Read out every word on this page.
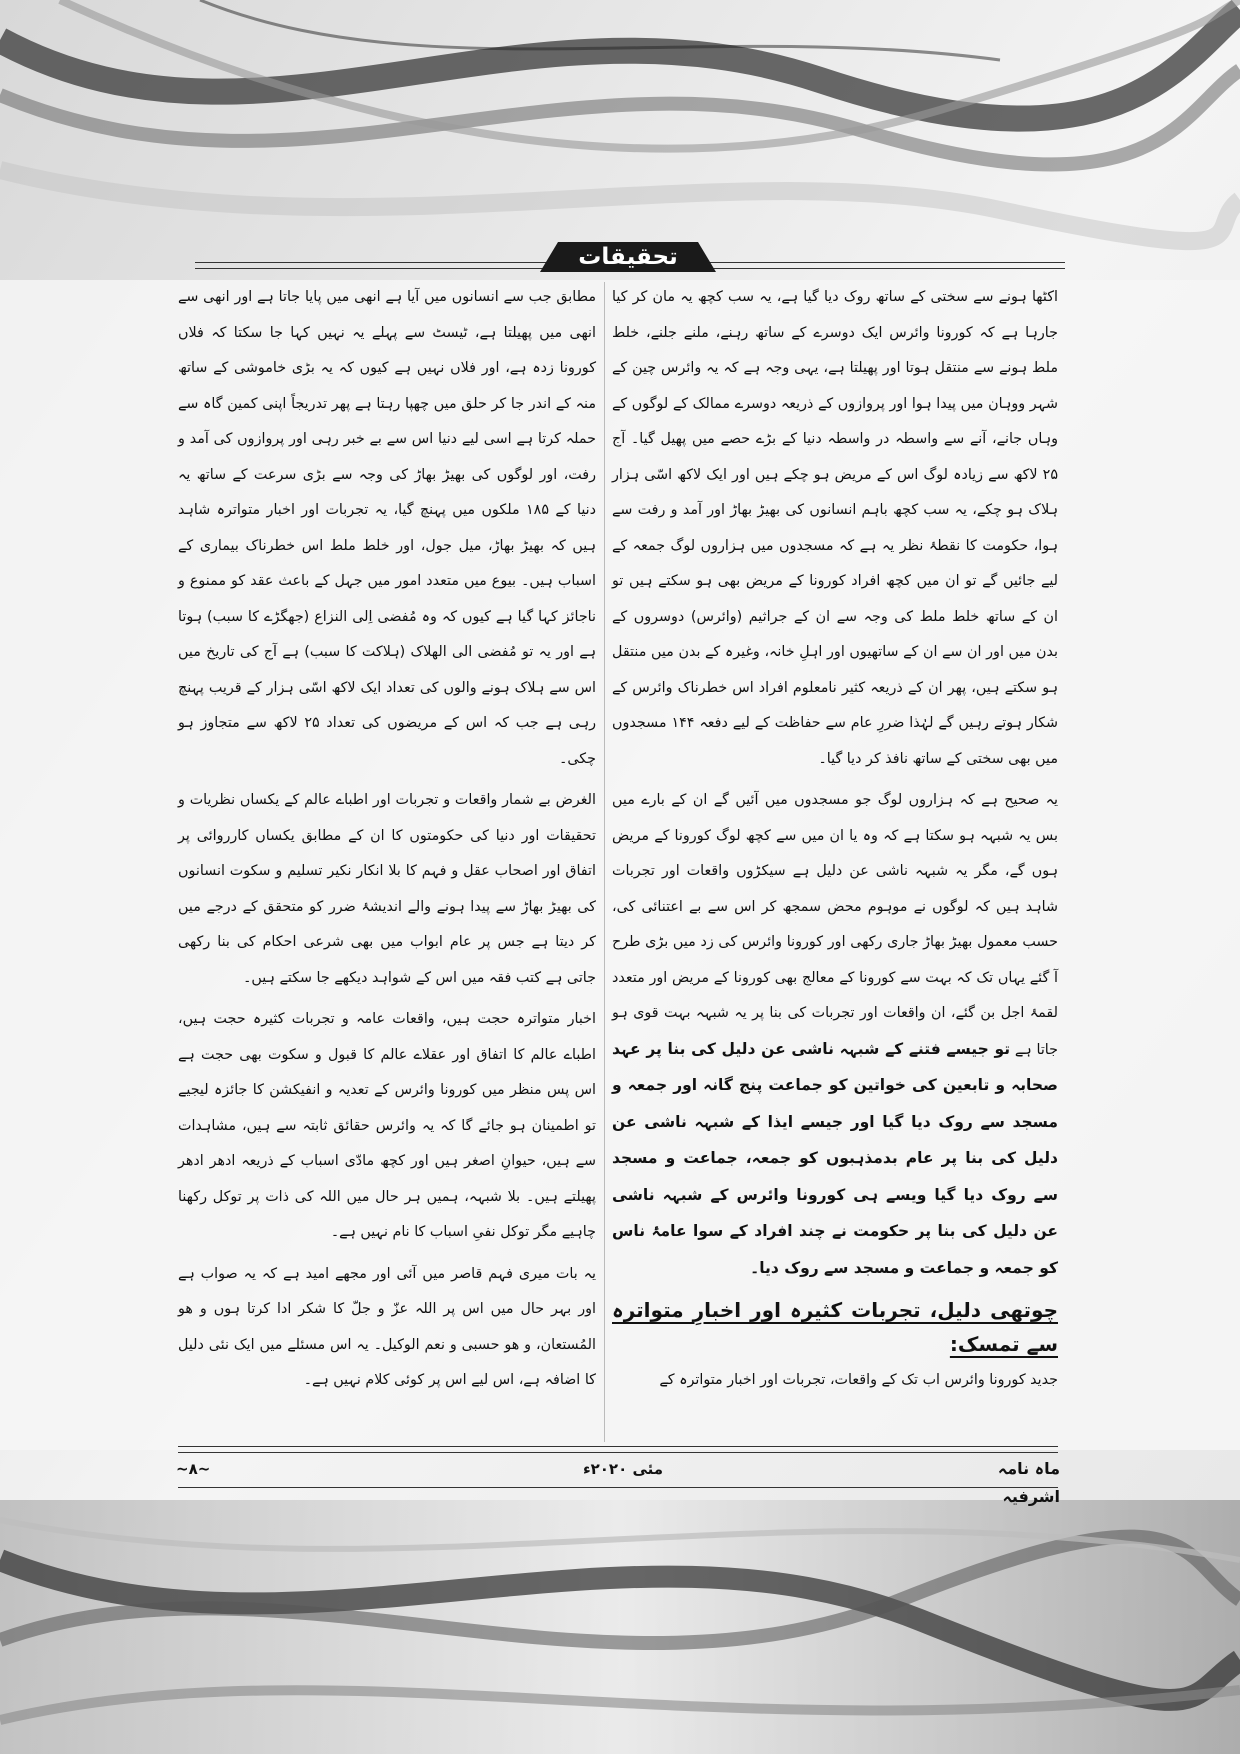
تحقیقات

اکٹھا ہونے سے سختی کے ساتھ روک دیا گیا ہے، یہ سب کچھ یہ مان کر کیا جارہا ہے کہ کورونا وائرس ایک دوسرے کے ساتھ رہنے، ملنے جلنے، خلط ملط ہونے سے منتقل ہوتا اور پھیلتا ہے، یہی وجہ ہے کہ یہ وائرس چین کے شہر ووہان میں پیدا ہوا اور پروازوں کے ذریعہ دوسرے ممالک کے لوگوں کے وہاں جانے، آنے سے واسطہ در واسطہ دنیا کے بڑے حصے میں پھیل گیا۔ آج ۲۵ لاکھ سے زیادہ لوگ اس کے مریض ہو چکے ہیں اور ایک لاکھ اسّی ہزار ہلاک ہو چکے، یہ سب کچھ باہم انسانوں کی بھیڑ بھاڑ اور آمد و رفت سے ہوا، حکومت کا نقطۂ نظر یہ ہے کہ مسجدوں میں ہزاروں لوگ جمعہ کے لیے جائیں گے تو ان میں کچھ افراد کورونا کے مریض بھی ہو سکتے ہیں تو ان کے ساتھ خلط ملط کی وجہ سے ان کے جراثیم (وائرس) دوسروں کے بدن میں اور ان سے ان کے ساتھیوں اور اہلِ خانہ، وغیرہ کے بدن میں منتقل ہو سکتے ہیں، پھر ان کے ذریعہ کثیر نامعلوم افراد اس خطرناک وائرس کے شکار ہوتے رہیں گے لہٰذا ضررِ عام سے حفاظت کے لیے دفعہ ۱۴۴ مسجدوں میں بھی سختی کے ساتھ نافذ کر دیا گیا۔

یہ صحیح ہے کہ ہزاروں لوگ جو مسجدوں میں آئیں گے ان کے بارے میں بس یہ شبہہ ہو سکتا ہے کہ وہ یا ان میں سے کچھ لوگ کورونا کے مریض ہوں گے، مگر یہ شبہہ ناشی عن دلیل ہے سیکڑوں واقعات اور تجربات شاہد ہیں کہ لوگوں نے موہوم محض سمجھ کر اس سے بے اعتنائی کی، حسب معمول بھیڑ بھاڑ جاری رکھی اور کورونا وائرس کی زد میں بڑی طرح آ گئے یہاں تک کہ بہت سے کورونا کے معالج بھی کورونا کے مریض اور متعدد لقمۂ اجل بن گئے، ان واقعات اور تجربات کی بنا پر یہ شبہہ بہت قوی ہو جاتا ہے تو جیسے فتنے کے شبہہ ناشی عن دلیل کی بنا پر عہد صحابہ و تابعین کی خواتین کو جماعت پنج گانہ اور جمعہ و مسجد سے روک دیا گیا اور جیسے ایذا کے شبہہ ناشی عن دلیل کی بنا پر عام بدمذہبوں کو جمعہ، جماعت و مسجد سے روک دیا گیا ویسے ہی کورونا وائرس کے شبہہ ناشی عن دلیل کی بنا پر حکومت نے چند افراد کے سوا عامۂ ناس کو جمعہ و جماعت و مسجد سے روک دیا۔

چوتھی دلیل، تجربات کثیرہ اور اخبارِ متواترہ سے تمسک:

جدید کورونا وائرس اب تک کے واقعات، تجربات اور اخبار متواترہ کے

مطابق جب سے انسانوں میں آیا ہے انھی میں پایا جاتا ہے اور انھی سے انھی میں پھیلتا ہے، ٹیسٹ سے پہلے یہ نہیں کہا جا سکتا کہ فلاں کورونا زدہ ہے، اور فلاں نہیں ہے کیوں کہ یہ بڑی خاموشی کے ساتھ منہ کے اندر جا کر حلق میں چھپا رہتا ہے پھر تدریجاً اپنی کمین گاہ سے حملہ کرتا ہے اسی لیے دنیا اس سے بے خبر رہی اور پروازوں کی آمد و رفت، اور لوگوں کی بھیڑ بھاڑ کی وجہ سے بڑی سرعت کے ساتھ یہ دنیا کے ۱۸۵ ملکوں میں پہنچ گیا، یہ تجربات اور اخبار متواترہ شاہد ہیں کہ بھیڑ بھاڑ، میل جول، اور خلط ملط اس خطرناک بیماری کے اسباب ہیں۔ بیوع میں متعدد امور میں جہل کے باعث عقد کو ممنوع و ناجائز کہا گیا ہے کیوں کہ وہ مُفضی اِلی النزاع (جھگڑے کا سبب) ہوتا ہے اور یہ تو مُفضی الی الھلاک (ہلاکت کا سبب) ہے آج کی تاریخ میں اس سے ہلاک ہونے والوں کی تعداد ایک لاکھ اسّی ہزار کے قریب پہنچ رہی ہے جب کہ اس کے مریضوں کی تعداد ۲۵ لاکھ سے متجاوز ہو چکی۔

الغرض بے شمار واقعات و تجربات اور اطباے عالم کے یکساں نظریات و تحقیقات اور دنیا کی حکومتوں کا ان کے مطابق یکساں کارروائی پر اتفاق اور اصحاب عقل و فہم کا بلا انکار نکیر تسلیم و سکوت انسانوں کی بھیڑ بھاڑ سے پیدا ہونے والے اندیشۂ ضرر کو متحقق کے درجے میں کر دیتا ہے جس پر عام ابواب میں بھی شرعی احکام کی بنا رکھی جاتی ہے کتب فقہ میں اس کے شواہد دیکھے جا سکتے ہیں۔

اخبار متواترہ حجت ہیں، واقعات عامہ و تجربات کثیرہ حجت ہیں، اطباے عالم کا اتفاق اور عقلاے عالم کا قبول و سکوت بھی حجت ہے اس پس منظر میں کورونا وائرس کے تعدیہ و انفیکشن کا جائزہ لیجیے تو اطمینان ہو جائے گا کہ یہ وائرس حقائق ثابتہ سے ہیں، مشاہدات سے ہیں، حیوانِ اصغر ہیں اور کچھ مادّی اسباب کے ذریعہ ادھر ادھر پھیلتے ہیں۔ بلا شبہہ، ہمیں ہر حال میں اللہ کی ذات پر توکل رکھنا چاہیے مگر توکل نفیِ اسباب کا نام نہیں ہے۔

یہ بات میری فہم قاصر میں آئی اور مجھے امید ہے کہ یہ صواب ہے اور بہر حال میں اس پر اللہ عزّ و جلّ کا شکر ادا کرتا ہوں و ھو المُستعان، و ھو حسبی و نعم الوکیل۔ یہ اس مسئلے میں ایک نئی دلیل کا اضافہ ہے، اس لیے اس پر کوئی کلام نہیں ہے۔

ماہ نامہ اشرفیہ
مئی ۲۰۲۰ء
~۸~
